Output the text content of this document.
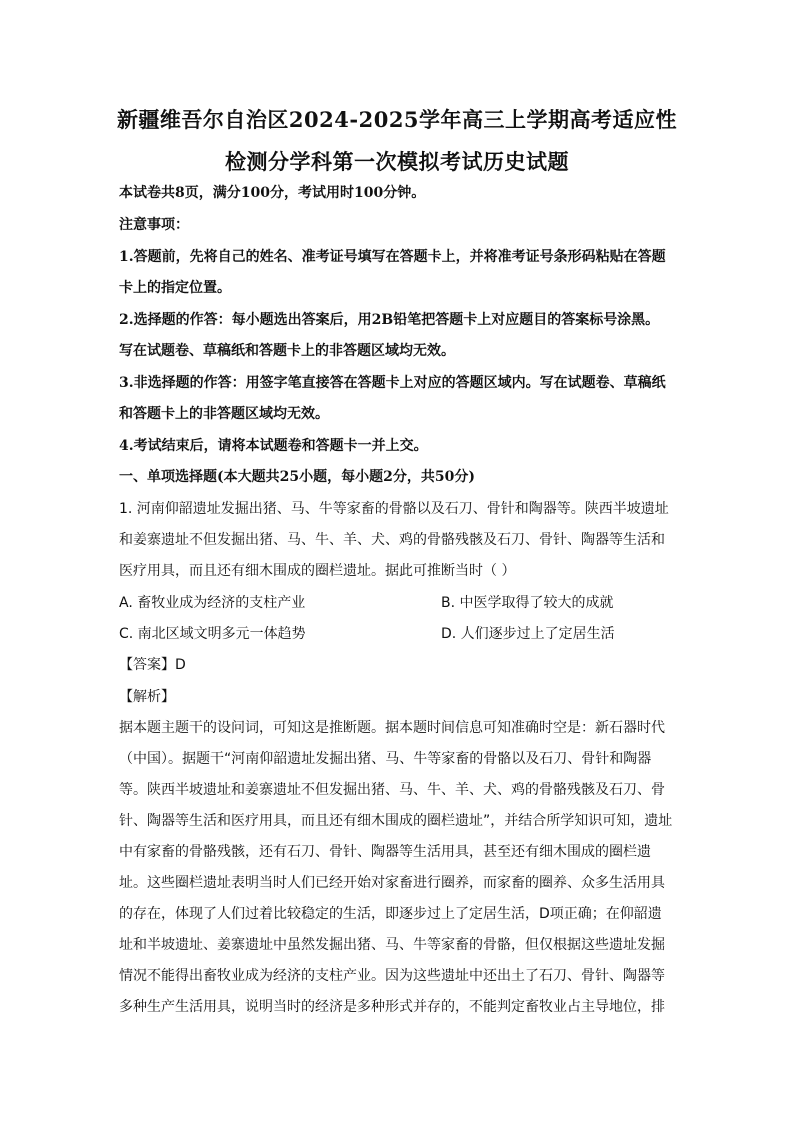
新疆维吾尔自治区2024-2025学年高三上学期高考适应性
检测分学科第一次模拟考试历史试题
本试卷共8页，满分100分，考试用时100分钟。
注意事项：
1.答题前，先将自己的姓名、准考证号填写在答题卡上，并将准考证号条形码粘贴在答题
卡上的指定位置。
2.选择题的作答：每小题选出答案后，用2B铅笔把答题卡上对应题目的答案标号涂黑。
写在试题卷、草稿纸和答题卡上的非答题区域均无效。
3.非选择题的作答：用签字笔直接答在答题卡上对应的答题区域内。写在试题卷、草稿纸
和答题卡上的非答题区域均无效。
4.考试结束后，请将本试题卷和答题卡一并上交。
一、单项选择题(本大题共25小题，每小题2分，共50分)
1. 河南仰韶遗址发掘出猪、马、牛等家畜的骨骼以及石刀、骨针和陶器等。陕西半坡遗址
和姜寨遗址不但发掘出猪、马、牛、羊、犬、鸡的骨骼残骸及石刀、骨针、陶器等生活和
医疗用具，而且还有细木围成的圈栏遗址。据此可推断当时（ ）
A. 畜牧业成为经济的支柱产业	B. 中医学取得了较大的成就
C. 南北区域文明多元一体趋势	D. 人们逐步过上了定居生活
【答案】D
【解析】
据本题主题干的设问词，可知这是推断题。据本题时间信息可知准确时空是：新石器时代
（中国）。据题干“河南仰韶遗址发掘出猪、马、牛等家畜的骨骼以及石刀、骨针和陶器
等。陕西半坡遗址和姜寨遗址不但发掘出猪、马、牛、羊、犬、鸡的骨骼残骸及石刀、骨
针、陶器等生活和医疗用具，而且还有细木围成的圈栏遗址”，并结合所学知识可知，遗址
中有家畜的骨骼残骸，还有石刀、骨针、陶器等生活用具，甚至还有细木围成的圈栏遗
址。这些圈栏遗址表明当时人们已经开始对家畜进行圈养，而家畜的圈养、众多生活用具
的存在，体现了人们过着比较稳定的生活，即逐步过上了定居生活，D项正确；在仰韶遗
址和半坡遗址、姜寨遗址中虽然发掘出猪、马、牛等家畜的骨骼，但仅根据这些遗址发掘
情况不能得出畜牧业成为经济的支柱产业。因为这些遗址中还出土了石刀、骨针、陶器等
多种生产生活用具，说明当时的经济是多种形式并存的，不能判定畜牧业占主导地位，排
